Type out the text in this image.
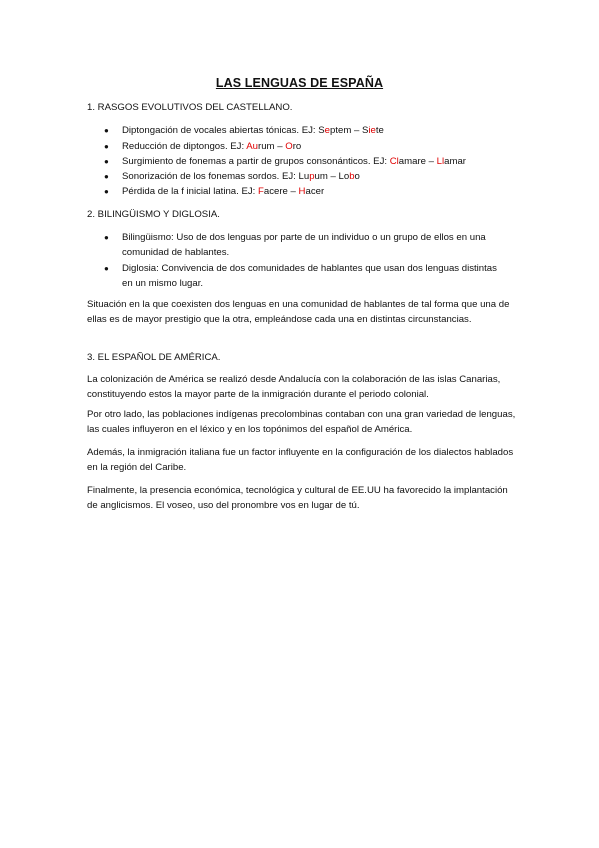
LAS LENGUAS DE ESPAÑA
1. RASGOS EVOLUTIVOS DEL CASTELLANO.
● Diptongación de vocales abiertas tónicas. EJ: Septem – Siete
● Reducción de diptongos. EJ: Aurum – Oro
● Surgimiento de fonemas a partir de grupos consonánticos. EJ: Clamare – Llamar
● Sonorización de los fonemas sordos. EJ: Lupum – Lobo
● Pérdida de la f inicial latina. EJ: Facere – Hacer
2. BILINGÜISMO Y DIGLOSIA.
● Bilingüismo: Uso de dos lenguas por parte de un individuo o un grupo de ellos en una
comunidad de hablantes.
● Diglosia: Convivencia de dos comunidades de hablantes que usan dos lenguas distintas
en un mismo lugar.
Situación en la que coexisten dos lenguas en una comunidad de hablantes de tal forma que una de ellas es de mayor prestigio que la otra, empleándose cada una en distintas circunstancias.
3. EL ESPAÑOL DE AMÉRICA.
La colonización de América se realizó desde Andalucía con la colaboración de las islas Canarias, constituyendo estos la mayor parte de la inmigración durante el periodo colonial.
Por otro lado, las poblaciones indígenas precolombinas contaban con una gran variedad de lenguas, las cuales influyeron en el léxico y en los topónimos del español de América.
Además, la inmigración italiana fue un factor influyente en la configuración de los dialectos hablados en la región del Caribe.
Finalmente, la presencia económica, tecnológica y cultural de EE.UU ha favorecido la implantación de anglicismos. El voseo, uso del pronombre vos en lugar de tú.
